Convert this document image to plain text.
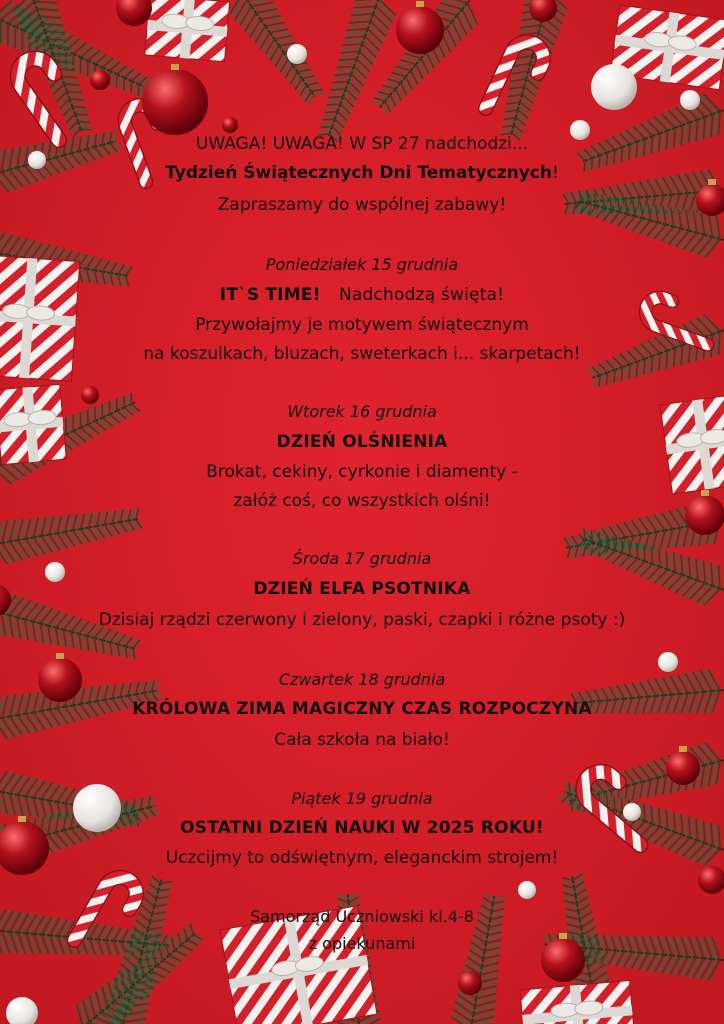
UWAGA! UWAGA! W SP 27 nadchodzi...
Tydzień Świątecznych Dni Tematycznych!
Zapraszamy do wspólnej zabawy!
Poniedziałek 15 grudnia
IT`S TIME! Nadchodzą święta!
Przywołajmy je motywem świątecznym
na koszulkach, bluzach, sweterkach i... skarpetach!
Wtorek 16 grudnia
DZIEŃ OLŚNIENIA
Brokat, cekiny, cyrkonie i diamenty -
załóż coś, co wszystkich olśni!
Środa 17 grudnia
DZIEŃ ELFA PSOTNIKA
Dzisiaj rządzi czerwony i zielony, paski, czapki i różne psoty :)
Czwartek 18 grudnia
KRÓLOWA ZIMA MAGICZNY CZAS ROZPOCZYNA
Cała szkoła na biało!
Piątek 19 grudnia
OSTATNI DZIEŃ NAUKI W 2025 ROKU!
Uczcijmy to odświętnym, eleganckim strojem!
Samorząd Uczniowski kl.4-8
z opiekunami
